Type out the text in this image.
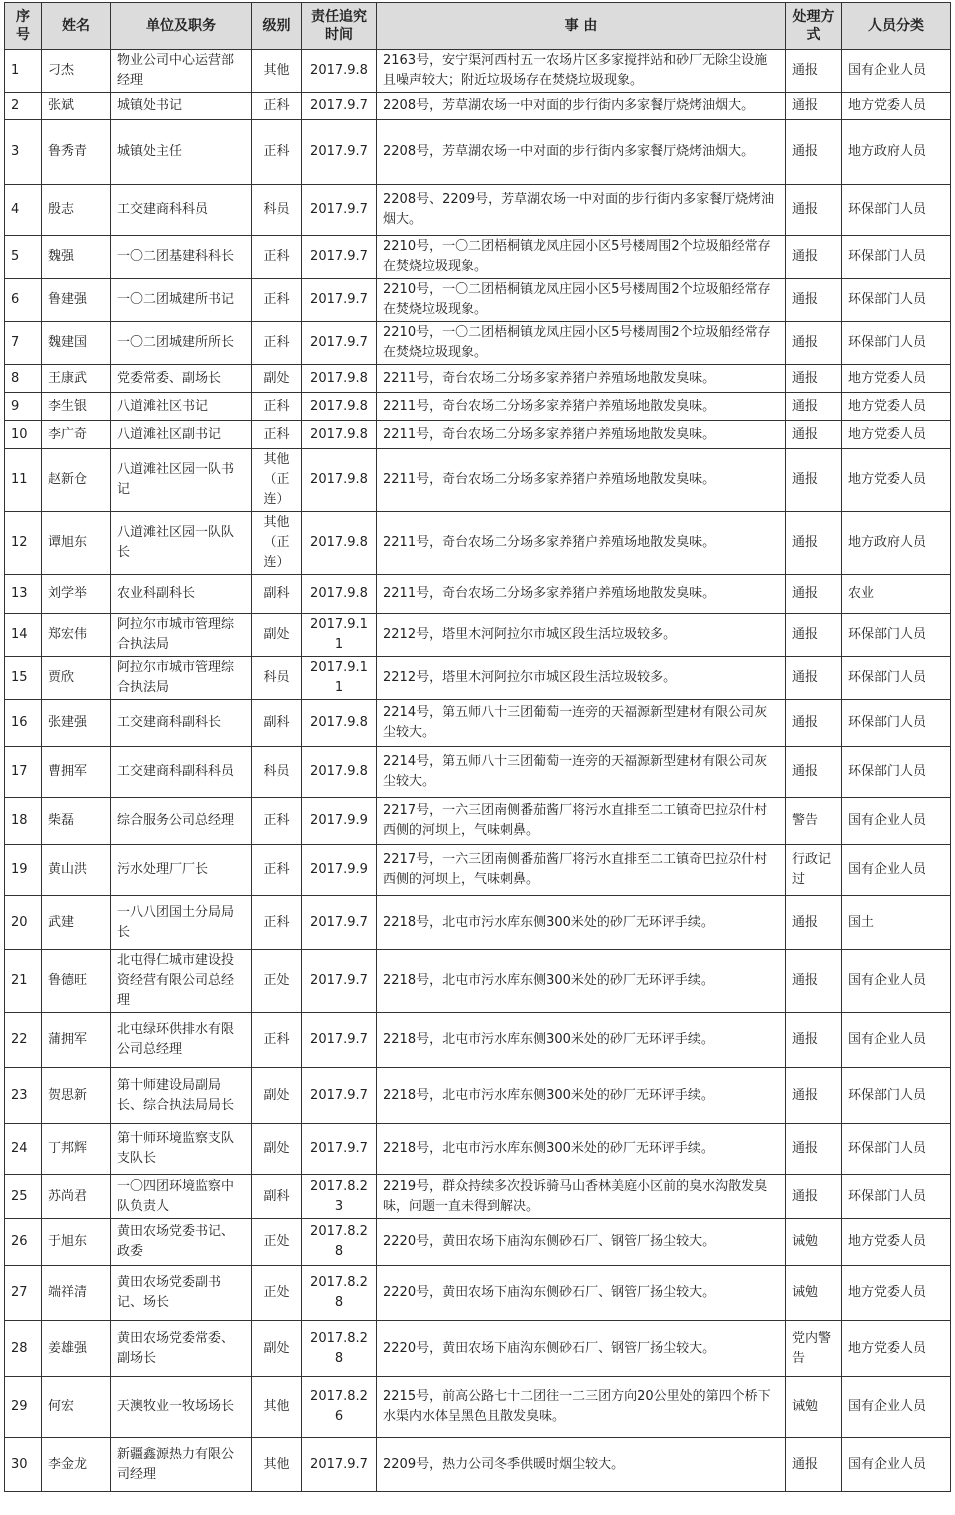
序号	姓名	单位及职务	级别	责任追究时间	事 由	处理方式	人员分类
1	刁杰	物业公司中心运营部经理	其他	2017.9.8	2163号，安宁渠河西村五一农场片区多家搅拌站和砂厂无除尘设施且噪声较大；附近垃圾场存在焚烧垃圾现象。	通报	国有企业人员
2	张斌	城镇处书记	正科	2017.9.7	2208号，芳草湖农场一中对面的步行街内多家餐厅烧烤油烟大。	通报	地方党委人员
3	鲁秀青	城镇处主任	正科	2017.9.7	2208号，芳草湖农场一中对面的步行街内多家餐厅烧烤油烟大。	通报	地方政府人员
4	殷志	工交建商科科员	科员	2017.9.7	2208号、2209号，芳草湖农场一中对面的步行街内多家餐厅烧烤油烟大。	通报	环保部门人员
5	魏强	一〇二团基建科科长	正科	2017.9.7	2210号，一〇二团梧桐镇龙凤庄园小区5号楼周围2个垃圾船经常存在焚烧垃圾现象。	通报	环保部门人员
6	鲁建强	一〇二团城建所书记	正科	2017.9.7	2210号，一〇二团梧桐镇龙凤庄园小区5号楼周围2个垃圾船经常存在焚烧垃圾现象。	通报	环保部门人员
7	魏建国	一〇二团城建所所长	正科	2017.9.7	2210号，一〇二团梧桐镇龙凤庄园小区5号楼周围2个垃圾船经常存在焚烧垃圾现象。	通报	环保部门人员
8	王康武	党委常委、副场长	副处	2017.9.8	2211号，奇台农场二分场多家养猪户养殖场地散发臭味。	通报	地方党委人员
9	李生银	八道滩社区书记	正科	2017.9.8	2211号，奇台农场二分场多家养猪户养殖场地散发臭味。	通报	地方党委人员
10	李广奇	八道滩社区副书记	正科	2017.9.8	2211号，奇台农场二分场多家养猪户养殖场地散发臭味。	通报	地方党委人员
11	赵新仓	八道滩社区园一队书记	其他（正连）	2017.9.8	2211号，奇台农场二分场多家养猪户养殖场地散发臭味。	通报	地方党委人员
12	谭旭东	八道滩社区园一队队长	其他（正连）	2017.9.8	2211号，奇台农场二分场多家养猪户养殖场地散发臭味。	通报	地方政府人员
13	刘学举	农业科副科长	副科	2017.9.8	2211号，奇台农场二分场多家养猪户养殖场地散发臭味。	通报	农业
14	郑宏伟	阿拉尔市城市管理综合执法局	副处	2017.9.11	2212号，塔里木河阿拉尔市城区段生活垃圾较多。	通报	环保部门人员
15	贾欣	阿拉尔市城市管理综合执法局	科员	2017.9.11	2212号，塔里木河阿拉尔市城区段生活垃圾较多。	通报	环保部门人员
16	张建强	工交建商科副科长	副科	2017.9.8	2214号，第五师八十三团葡萄一连旁的天福源新型建材有限公司灰尘较大。	通报	环保部门人员
17	曹拥军	工交建商科副科科员	科员	2017.9.8	2214号，第五师八十三团葡萄一连旁的天福源新型建材有限公司灰尘较大。	通报	环保部门人员
18	柴磊	综合服务公司总经理	正科	2017.9.9	2217号，一六三团南侧番茄酱厂将污水直排至二工镇奇巴拉尕什村西侧的河坝上，气味刺鼻。	警告	国有企业人员
19	黄山洪	污水处理厂厂长	正科	2017.9.9	2217号，一六三团南侧番茄酱厂将污水直排至二工镇奇巴拉尕什村西侧的河坝上，气味刺鼻。	行政记过	国有企业人员
20	武建	一八八团国土分局局长	正科	2017.9.7	2218号，北屯市污水库东侧300米处的砂厂无环评手续。	通报	国土
21	鲁德旺	北屯得仁城市建设投资经营有限公司总经理	正处	2017.9.7	2218号，北屯市污水库东侧300米处的砂厂无环评手续。	通报	国有企业人员
22	蒲拥军	北屯绿环供排水有限公司总经理	正科	2017.9.7	2218号，北屯市污水库东侧300米处的砂厂无环评手续。	通报	国有企业人员
23	贺思新	第十师建设局副局长、综合执法局局长	副处	2017.9.7	2218号，北屯市污水库东侧300米处的砂厂无环评手续。	通报	环保部门人员
24	丁邦辉	第十师环境监察支队支队长	副处	2017.9.7	2218号，北屯市污水库东侧300米处的砂厂无环评手续。	通报	环保部门人员
25	苏尚君	一〇四团环境监察中队负责人	副科	2017.8.23	2219号，群众持续多次投诉骑马山香林美庭小区前的臭水沟散发臭味，问题一直未得到解决。	通报	环保部门人员
26	于旭东	黄田农场党委书记、政委	正处	2017.8.28	2220号，黄田农场下庙沟东侧砂石厂、钢管厂扬尘较大。	诫勉	地方党委人员
27	端祥清	黄田农场党委副书记、场长	正处	2017.8.28	2220号，黄田农场下庙沟东侧砂石厂、钢管厂扬尘较大。	诫勉	地方党委人员
28	姜雄强	黄田农场党委常委、副场长	副处	2017.8.28	2220号，黄田农场下庙沟东侧砂石厂、钢管厂扬尘较大。	党内警告	地方党委人员
29	何宏	天澳牧业一牧场场长	其他	2017.8.26	2215号，前高公路七十二团往一二三团方向20公里处的第四个桥下水渠内水体呈黑色且散发臭味。	诫勉	国有企业人员
30	李金龙	新疆鑫源热力有限公司经理	其他	2017.9.7	2209号，热力公司冬季供暖时烟尘较大。	通报	国有企业人员
